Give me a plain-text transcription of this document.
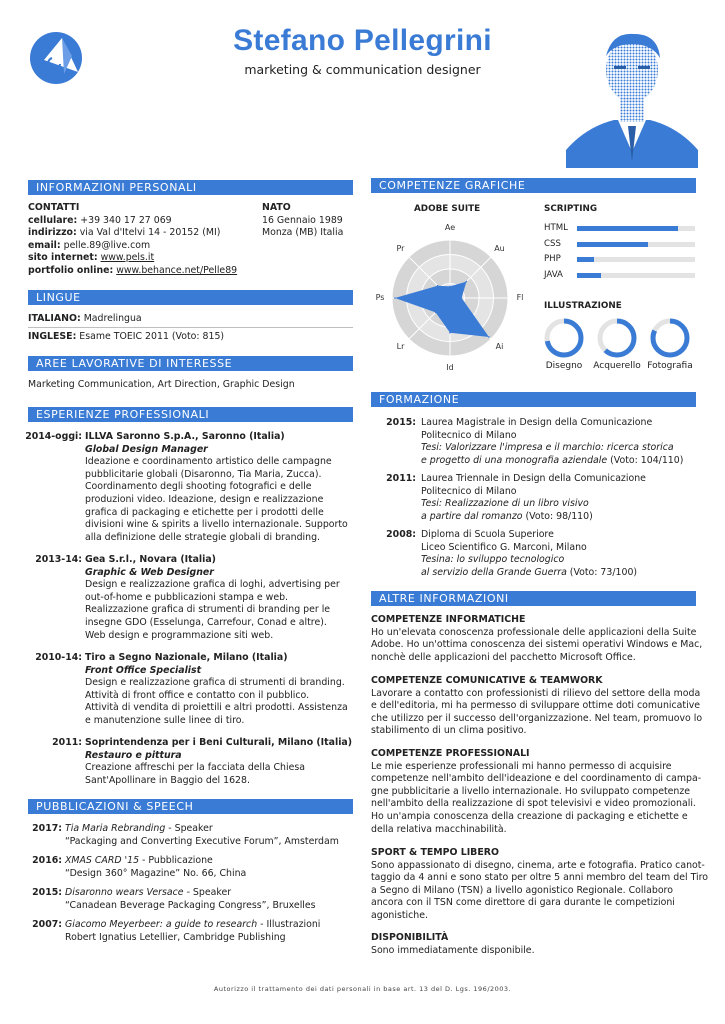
Stefano Pellegrini
marketing & communication designer
INFORMAZIONI PERSONALI
CONTATTI
cellulare: +39 340 17 27 069
indirizzo: via Val d'Itelvi 14 - 20152 (MI)
email: pelle.89@live.com
sito internet: www.pels.it
portfolio online: www.behance.net/Pelle89
NATO
16 Gennaio 1989
Monza (MB) Italia
LINGUE
ITALIANO: Madrelingua
INGLESE: Esame TOEIC 2011 (Voto: 815)
AREE LAVORATIVE DI INTERESSE
Marketing Communication, Art Direction, Graphic Design
ESPERIENZE PROFESSIONALI
2014-oggi: ILLVA Saronno S.p.A., Saronno (Italia)
Global Design Manager
Ideazione e coordinamento artistico delle campagne
pubblicitarie globali (Disaronno, Tia Maria, Zucca).
Coordinamento degli shooting fotografici e delle
produzioni video. Ideazione, design e realizzazione
grafica di packaging e etichette per i prodotti delle
divisioni wine & spirits a livello internazionale. Supporto
alla definizione delle strategie globali di branding.
2013-14: Gea S.r.l., Novara (Italia)
Graphic & Web Designer
Design e realizzazione grafica di loghi, advertising per
out-of-home e pubblicazioni stampa e web.
Realizzazione grafica di strumenti di branding per le
insegne GDO (Esselunga, Carrefour, Conad e altre).
Web design e programmazione siti web.
2010-14: Tiro a Segno Nazionale, Milano (Italia)
Front Office Specialist
Design e realizzazione grafica di strumenti di branding.
Attività di front office e contatto con il pubblico.
Attività di vendita di proiettili e altri prodotti. Assistenza
e manutenzione sulle linee di tiro.
2011: Soprintendenza per i Beni Culturali, Milano (Italia)
Restauro e pittura
Creazione affreschi per la facciata della Chiesa
Sant'Apollinare in Baggio del 1628.
PUBBLICAZIONI & SPEECH
2017: Tia Maria Rebranding - Speaker
“Packaging and Converting Executive Forum”, Amsterdam
2016: XMAS CARD '15 - Pubblicazione
“Design 360° Magazine” No. 66, China
2015: Disaronno wears Versace - Speaker
“Canadean Beverage Packaging Congress”, Bruxelles
2007: Giacomo Meyerbeer: a guide to research - Illustrazioni
Robert Ignatius Letellier, Cambridge Publishing
COMPETENZE GRAFICHE
ADOBE SUITE	SCRIPTING
ILLUSTRAZIONE
Ae
Au
Fl
Ai
Id
Lr
Ps
Pr
HTML
CSS
PHP
JAVA
Disegno	Acquerello Fotografia
FORMAZIONE
2015: Laurea Magistrale in Design della Comunicazione
Politecnico di Milano
Tesi: Valorizzare l'impresa e il marchio: ricerca storica
e progetto di una monografia aziendale (Voto: 104/110)
2011: Laurea Triennale in Design della Comunicazione
Politecnico di Milano
Tesi: Realizzazione di un libro visivo
a partire dal romanzo (Voto: 98/110)
2008: Diploma di Scuola Superiore
Liceo Scientifico G. Marconi, Milano
Tesina: lo sviluppo tecnologico
al servizio della Grande Guerra (Voto: 73/100)
ALTRE INFORMAZIONI
COMPETENZE INFORMATICHE
Ho un'elevata conoscenza professionale delle applicazioni della Suite
Adobe. Ho un'ottima conoscenza dei sistemi operativi Windows e Mac,
nonchè delle applicazioni del pacchetto Microsoft Office.
COMPETENZE COMUNICATIVE & TEAMWORK
Lavorare a contatto con professionisti di rilievo del settore della moda
e dell'editoria, mi ha permesso di sviluppare ottime doti comunicative
che utilizzo per il successo dell'organizzazione. Nel team, promuovo lo
stabilimento di un clima positivo.
COMPETENZE PROFESSIONALI
Le mie esperienze professionali mi hanno permesso di acquisire
competenze nell'ambito dell'ideazione e del coordinamento di campa-
gne pubblicitarie a livello internazionale. Ho sviluppato competenze
nell'ambito della realizzazione di spot televisivi e video promozionali.
Ho un'ampia conoscenza della creazione di packaging e etichette e
della relativa macchinabilità.
SPORT & TEMPO LIBERO
Sono appassionato di disegno, cinema, arte e fotografia. Pratico canot-
taggio da 4 anni e sono stato per oltre 5 anni membro del team del Tiro
a Segno di Milano (TSN) a livello agonistico Regionale. Collaboro
ancora con il TSN come direttore di gara durante le competizioni
agonistiche.
DISPONIBILITÀ
Sono immediatamente disponibile.
Autorizzo il trattamento dei dati personali in base art. 13 del D. Lgs. 196/2003.
